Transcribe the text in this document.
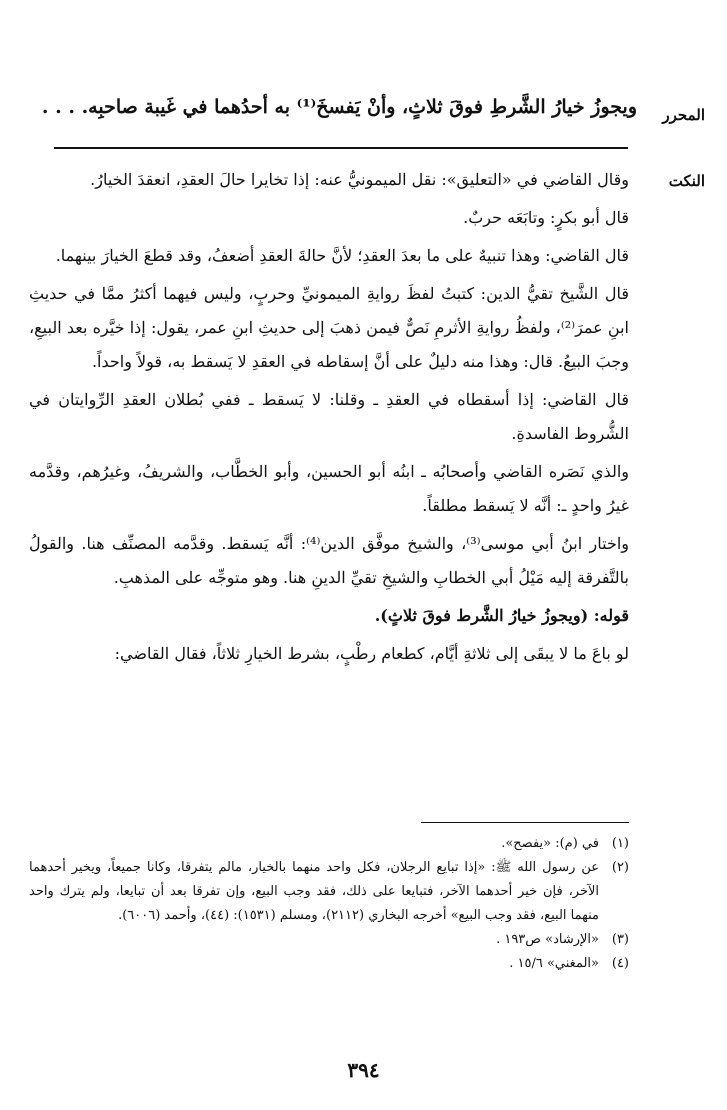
المحرر
ويجوزُ خيارُ الشَّرطِ فوقَ ثلاثٍ، وأنْ يَفسخَ⁽¹⁾ به أحدُهما في غَيبة صاحبِه. . . .
النكت

وقال القاضي في «التعليق»: نقل الميمونيُّ عنه: إذا تخايرا حالَ العقدِ، انعقدَ الخيارُ.

قال أبو بكرٍ: وتابَعَه حربٌ.

قال القاضي: وهذا تنبيهٌ على ما بعدَ العقدِ؛ لأنَّ حالةَ العقدِ أضعفُ، وقد قطعَ الخيارَ بينهما.

قال الشَّيخ تقيُّ الدين: كتبتُ لفظَ روايةِ الميمونيِّ وحربٍ، وليس فيهما أكثرُ ممَّا في حديثِ ابنِ عمرَ⁽²⁾، ولفظُ روايةِ الأثرمِ نَصٌّ فيمن ذهبَ إلى حديثِ ابنِ عمر، يقول: إذا خيَّره بعد البيعِ، وجبَ البيعُ. قال: وهذا منه دليلٌ على أنَّ إسقاطه في العقدِ لا يَسقط به، قولاً واحداً.

قال القاضي: إذا أسقطاه في العقدِ ـ وقلنا: لا يَسقط ـ ففي بُطلان العقدِ الرِّوايتان في الشُّروط الفاسدةِ.

والذي نَصَره القاضي وأصحابُه ـ ابنُه أبو الحسين، وأبو الخطَّاب، والشريفُ، وغيرُهم، وقدَّمه غيرُ واحدٍ ـ: أنَّه لا يَسقط مطلقاً.

واختار ابنُ أبي موسى⁽³⁾، والشيخ موفَّق الدين⁽⁴⁾: أنَّه يَسقط. وقدَّمه المصنِّف هنا. والقولُ بالتَّفرقة إليه مَيْلُ أبي الخطابِ والشيخِ تقيِّ الدينِ هنا. وهو متوجِّه على المذهبِ.

قوله: (ويجوزُ خيارُ الشَّرط فوقَ ثلاثٍ).

لو باعَ ما لا يبقَى إلى ثلاثةِ أيَّام، كطعام رطْبٍ، بشرط الخيارِ ثلاثاً، فقال القاضي:

(١)
في (م): «يفصح».
(٢)
عن رسول الله ﷺ: «إذا تبايع الرجلان، فكل واحد منهما بالخيار، مالم يتفرقا، وكانا جميعاً، ويخير أحدهما الآخر، فإن خير أحدهما الآخر، فتبايعا على ذلك، فقد وجب البيع، وإن تفرقا بعد أن تبايعا، ولم يترك واحد منهما البيع، فقد وجب البيع» أخرجه البخاري (٢١١٢)، ومسلم (١٥٣١): (٤٤)، وأحمد (٦٠٠٦).
(٣)
«الإرشاد» ص١٩٣ .
(٤)
«المغني» ١٥/٦ .
٣٩٤
